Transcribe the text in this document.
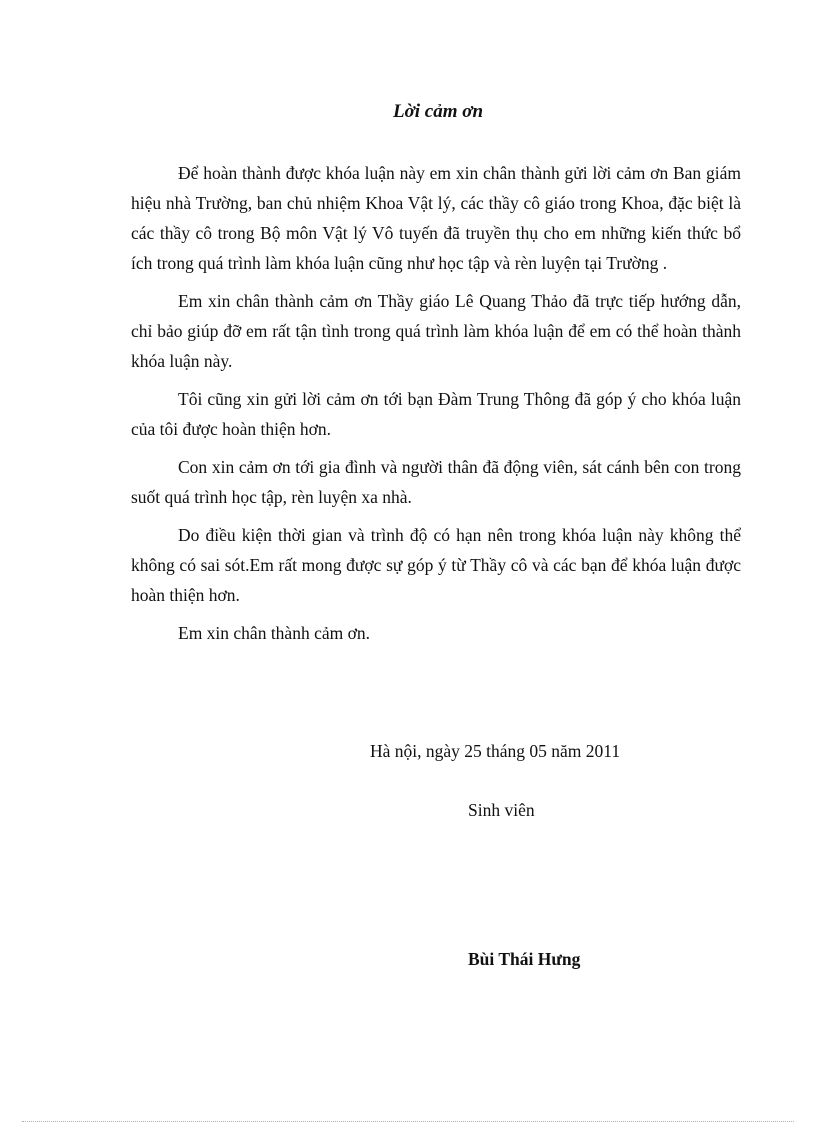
Lời cảm ơn

Để hoàn thành được khóa luận này em xin chân thành gửi lời cảm ơn Ban giám hiệu nhà Trường, ban chủ nhiệm Khoa Vật lý, các thầy cô giáo trong Khoa, đặc biệt là các thầy cô trong Bộ môn Vật lý Vô tuyến đã truyền thụ cho em những kiến thức bổ ích trong quá trình làm khóa luận cũng như học tập và rèn luyện tại Trường .

Em xin chân thành cảm ơn Thầy giáo Lê Quang Thảo đã trực tiếp hướng dẫn, chỉ bảo giúp đỡ em rất tận tình trong quá trình làm khóa luận để em có thể hoàn thành khóa luận này.

Tôi cũng xin gửi lời cảm ơn tới bạn Đàm Trung Thông đã góp ý cho khóa luận của tôi được hoàn thiện hơn.

Con xin cảm ơn tới gia đình và người thân đã động viên, sát cánh bên con trong suốt quá trình học tập, rèn luyện xa nhà.

Do điều kiện thời gian và trình độ có hạn nên trong khóa luận này không thể không có sai sót.Em rất mong được sự góp ý từ Thầy cô và các bạn để khóa luận được hoàn thiện hơn.

Em xin chân thành cảm ơn.

Hà nội, ngày 25 tháng 05 năm 2011

Sinh viên

Bùi Thái Hưng
